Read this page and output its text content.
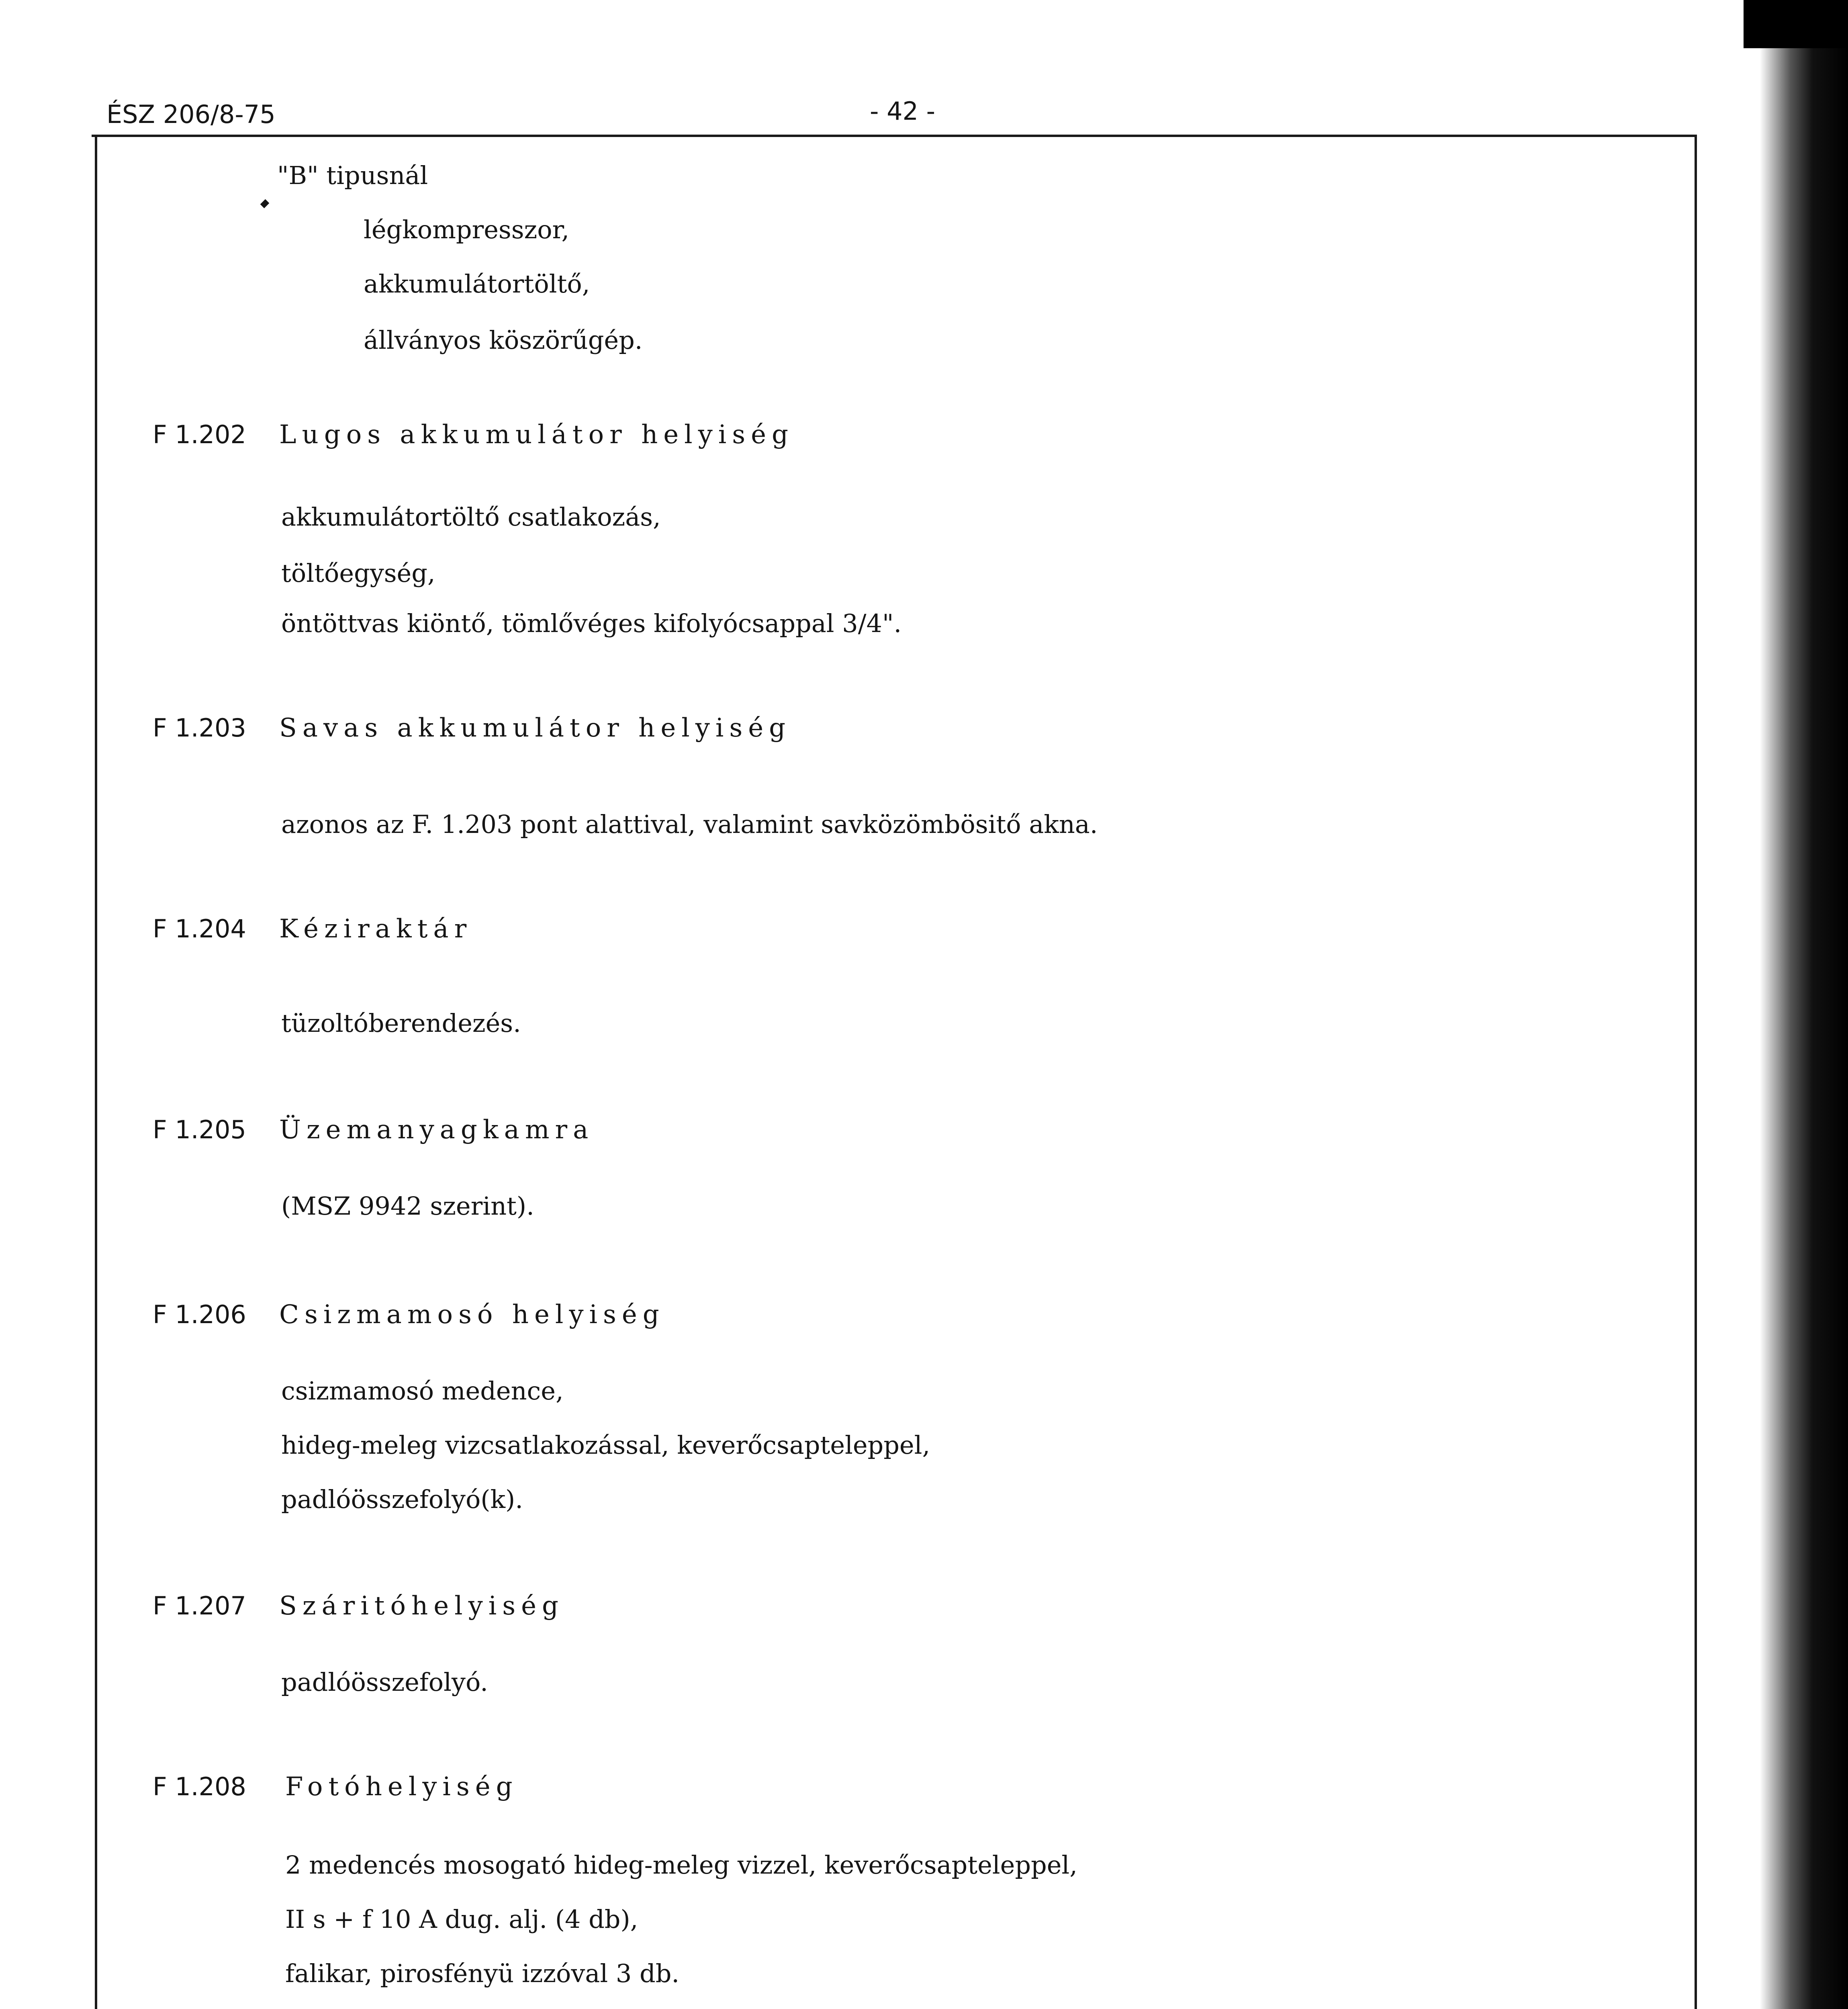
ÉSZ 206/8-75	- 42 -
"B" tipusnál
légkompresszor,
akkumulátortöltő,
állványos köszörűgép.
F 1.202 Lugos akkumulátor helyiség
akkumulátortöltő csatlakozás,
töltőegység,
öntöttvas kiöntő, tömlővéges kifolyócsappal 3/4".
F 1.203 Savas akkumulátor helyiség
azonos az F. 1.203 pont alattival, valamint savközömbösitő akna.
F 1.204 Kéziraktár
tüzoltóberendezés.
F 1.205 Üzemanyagkamra
(MSZ 9942 szerint).
F 1.206 Csizmamosó helyiség
csizmamosó medence,
hideg-meleg vizcsatlakozással, keverőcsapteleppel,
padlóösszefolyó(k).
F 1.207 Száritóhelyiség
padlóösszefolyó.
F 1.208 Fotóhelyiség
2 medencés mosogató hideg-meleg vizzel, keverőcsapteleppel,
II s + f 10 A dug. alj. (4 db),
falikar, pirosfényü izzóval 3 db.
